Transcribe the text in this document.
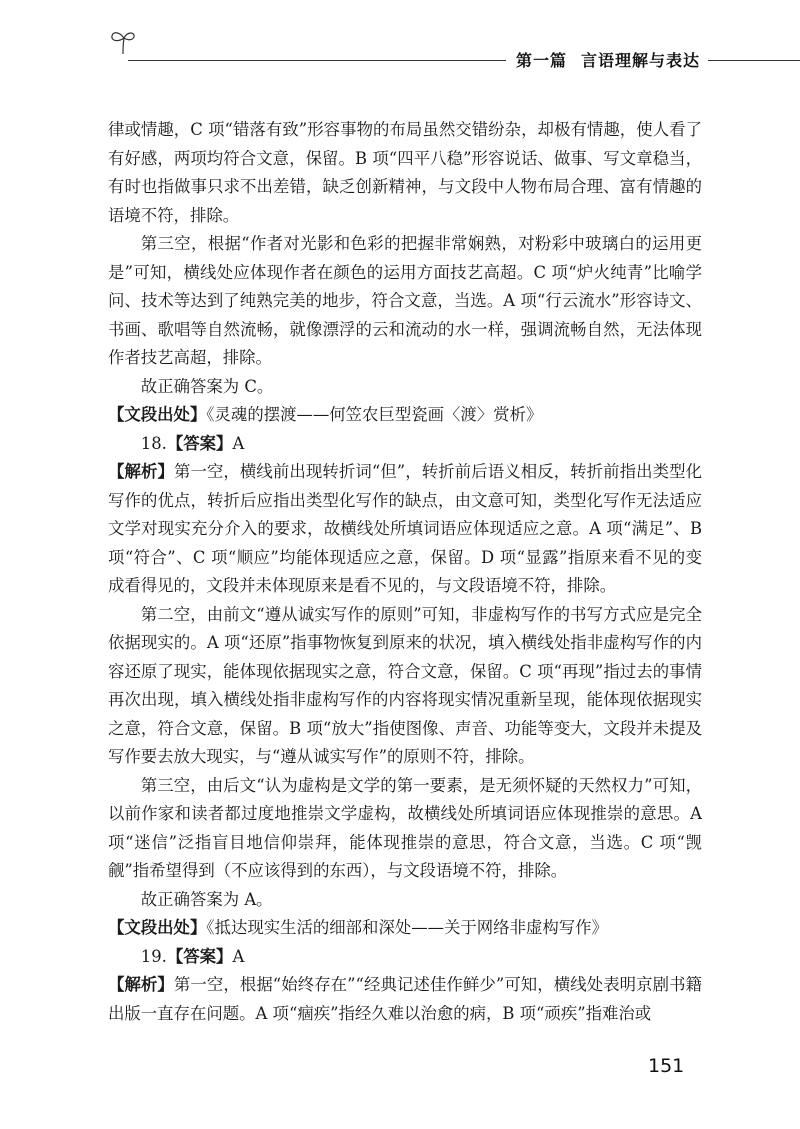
第一篇 言语理解与表达

律或情趣，C 项“错落有致”形容事物的布局虽然交错纷杂，却极有情趣，使人看了有好感，两项均符合文意，保留。B 项“四平八稳”形容说话、做事、写文章稳当，有时也指做事只求不出差错，缺乏创新精神，与文段中人物布局合理、富有情趣的语境不符，排除。

第三空，根据“作者对光影和色彩的把握非常娴熟，对粉彩中玻璃白的运用更是”可知，横线处应体现作者在颜色的运用方面技艺高超。C 项“炉火纯青”比喻学问、技术等达到了纯熟完美的地步，符合文意，当选。A 项“行云流水”形容诗文、书画、歌唱等自然流畅，就像漂浮的云和流动的水一样，强调流畅自然，无法体现作者技艺高超，排除。

故正确答案为 C。

【文段出处】《灵魂的摆渡——何笠农巨型瓷画〈渡〉赏析》

18.【答案】A

【解析】第一空，横线前出现转折词“但”，转折前后语义相反，转折前指出类型化写作的优点，转折后应指出类型化写作的缺点，由文意可知，类型化写作无法适应文学对现实充分介入的要求，故横线处所填词语应体现适应之意。A 项“满足”、B 项“符合”、C 项“顺应”均能体现适应之意，保留。D 项“显露”指原来看不见的变成看得见的，文段并未体现原来是看不见的，与文段语境不符，排除。

第二空，由前文“遵从诚实写作的原则”可知，非虚构写作的书写方式应是完全依据现实的。A 项“还原”指事物恢复到原来的状况，填入横线处指非虚构写作的内容还原了现实，能体现依据现实之意，符合文意，保留。C 项“再现”指过去的事情再次出现，填入横线处指非虚构写作的内容将现实情况重新呈现，能体现依据现实之意，符合文意，保留。B 项“放大”指使图像、声音、功能等变大，文段并未提及写作要去放大现实，与“遵从诚实写作”的原则不符，排除。

第三空，由后文“认为虚构是文学的第一要素，是无须怀疑的天然权力”可知，以前作家和读者都过度地推崇文学虚构，故横线处所填词语应体现推崇的意思。A 项“迷信”泛指盲目地信仰崇拜，能体现推崇的意思，符合文意，当选。C 项“觊觎”指希望得到（不应该得到的东西），与文段语境不符，排除。

故正确答案为 A。

【文段出处】《抵达现实生活的细部和深处——关于网络非虚构写作》

19.【答案】A

【解析】第一空，根据“始终存在”“经典记述佳作鲜少”可知，横线处表明京剧书籍出版一直存在问题。A 项“痼疾”指经久难以治愈的病，B 项“顽疾”指难治或

151
